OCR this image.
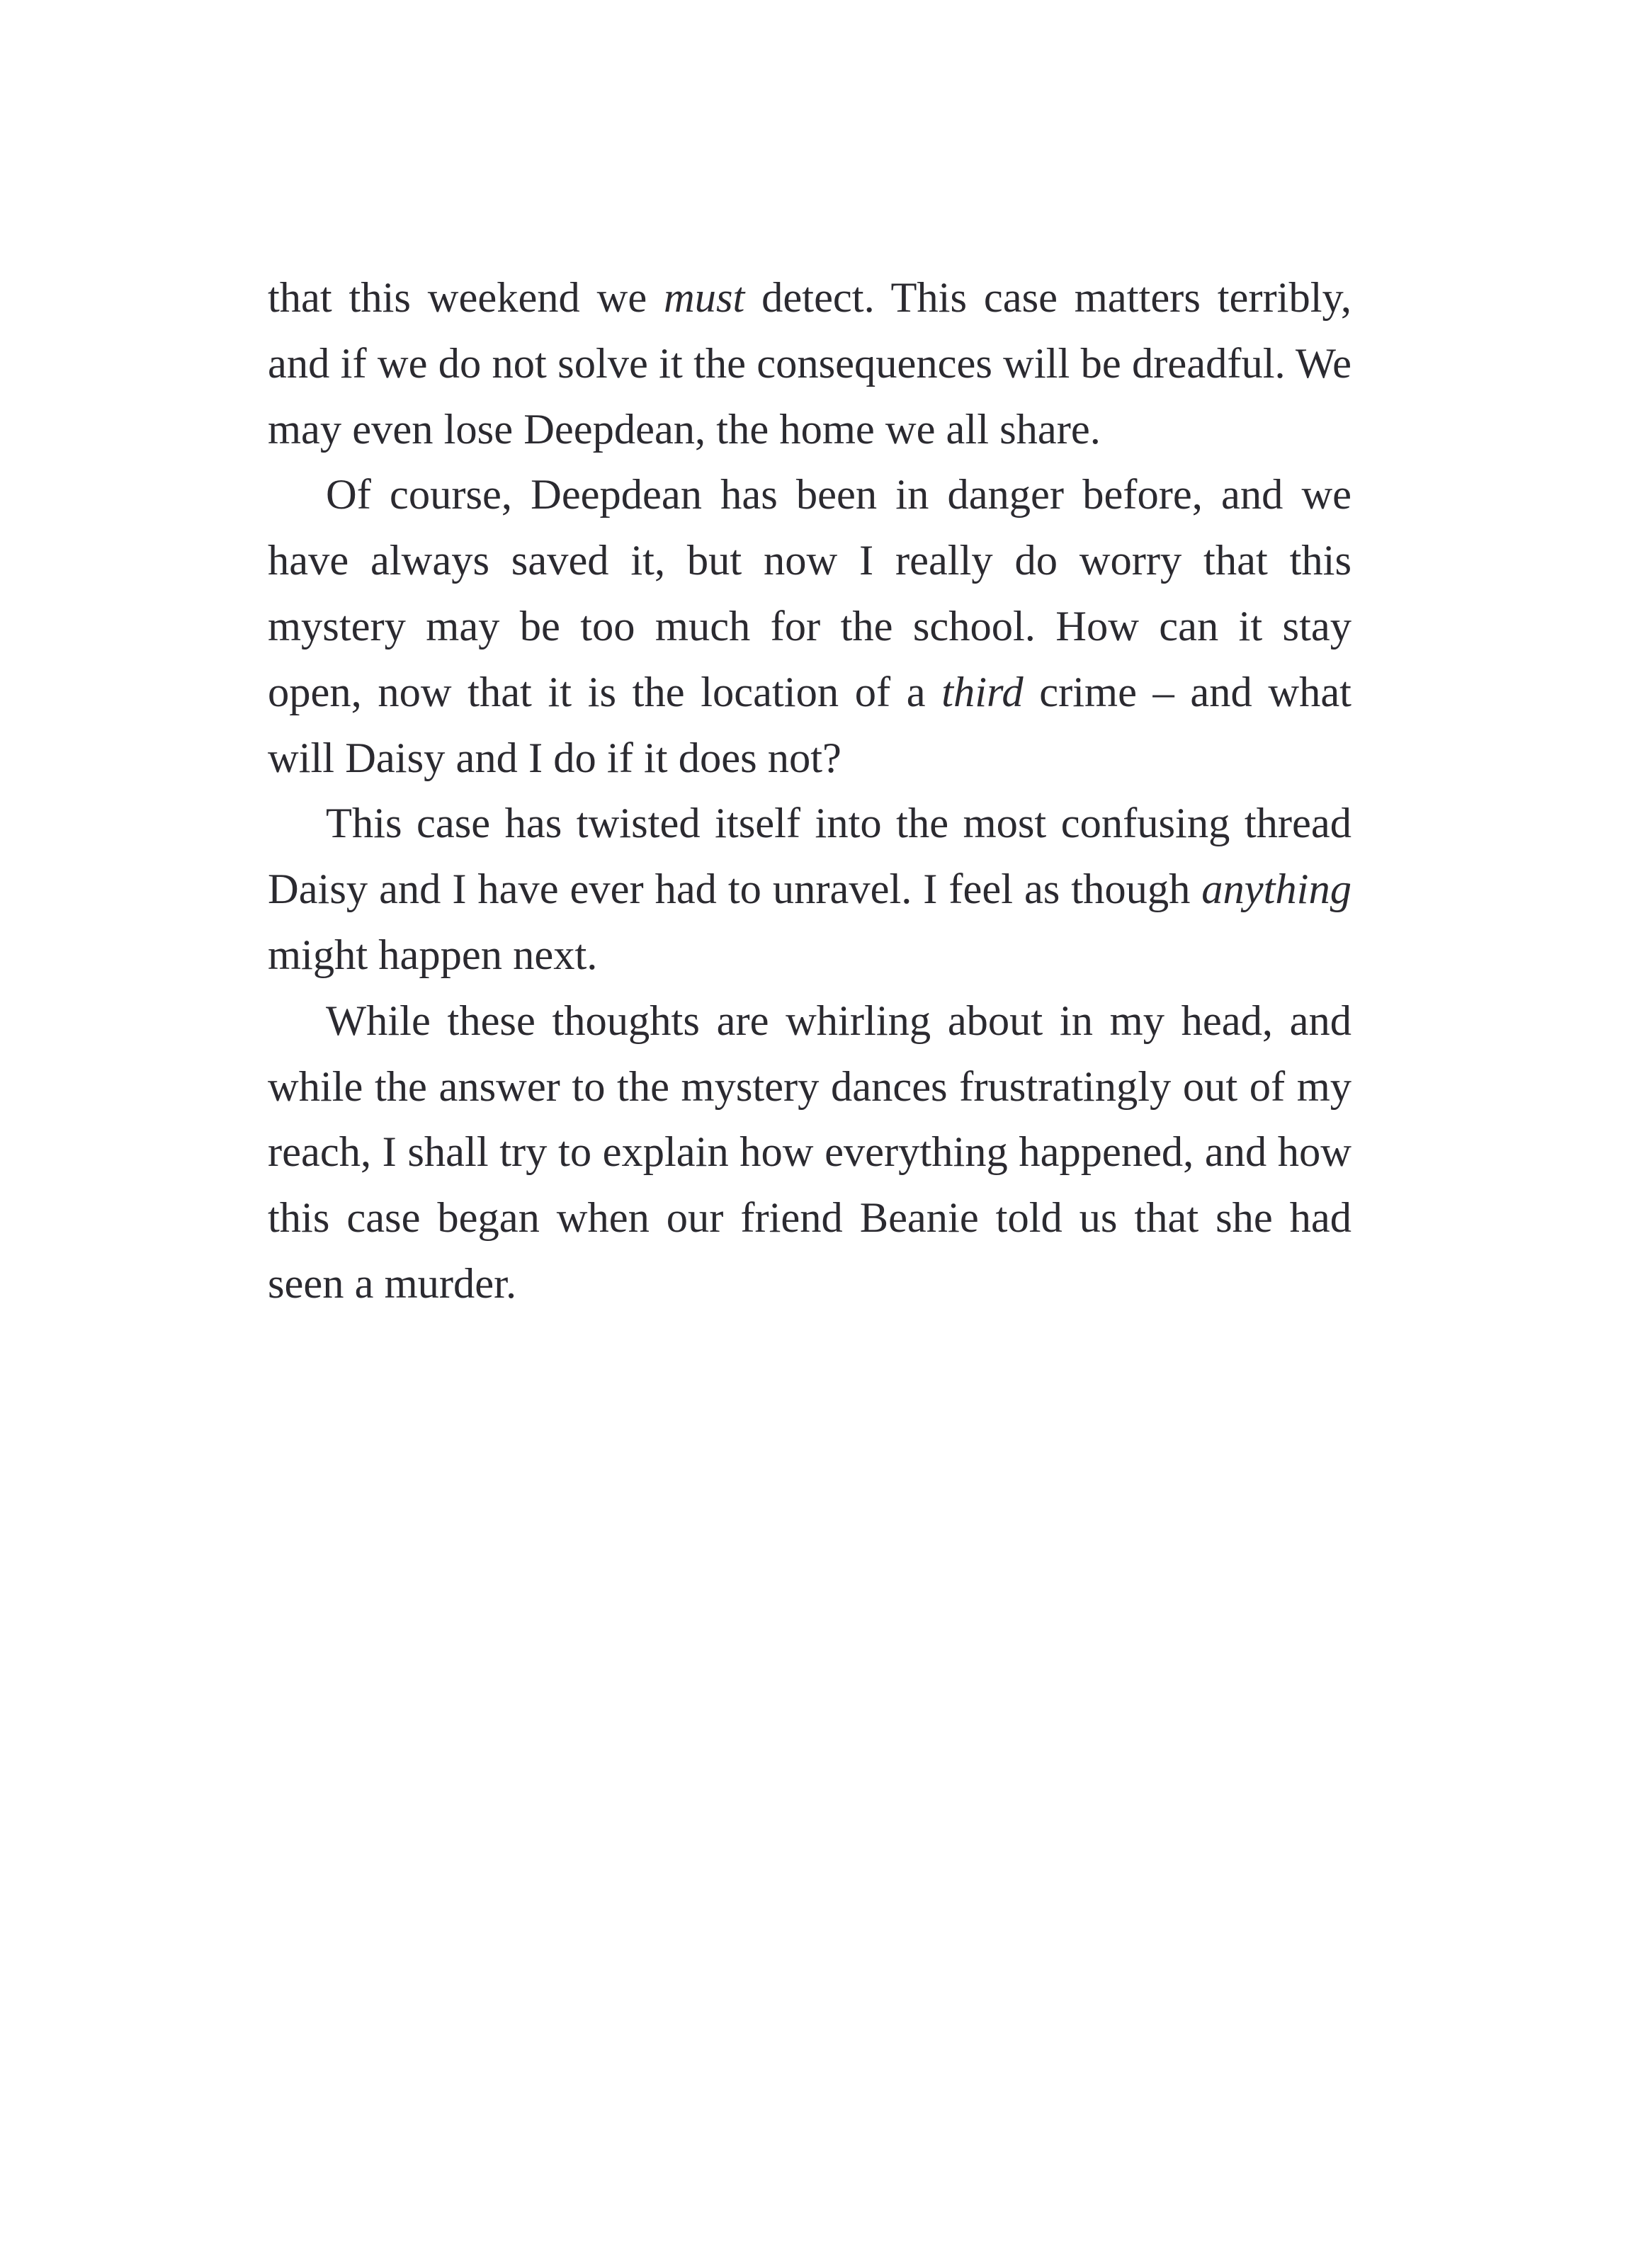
that this weekend we must detect. This case matters terribly, and if we do not solve it the consequences will be dreadful. We may even lose Deepdean, the home we all share.

Of course, Deepdean has been in danger before, and we have always saved it, but now I really do worry that this mystery may be too much for the school. How can it stay open, now that it is the location of a third crime – and what will Daisy and I do if it does not?

This case has twisted itself into the most confusing thread Daisy and I have ever had to unravel. I feel as though anything might happen next.

While these thoughts are whirling about in my head, and while the answer to the mystery dances frustratingly out of my reach, I shall try to explain how everything happened, and how this case began when our friend Beanie told us that she had seen a murder.
